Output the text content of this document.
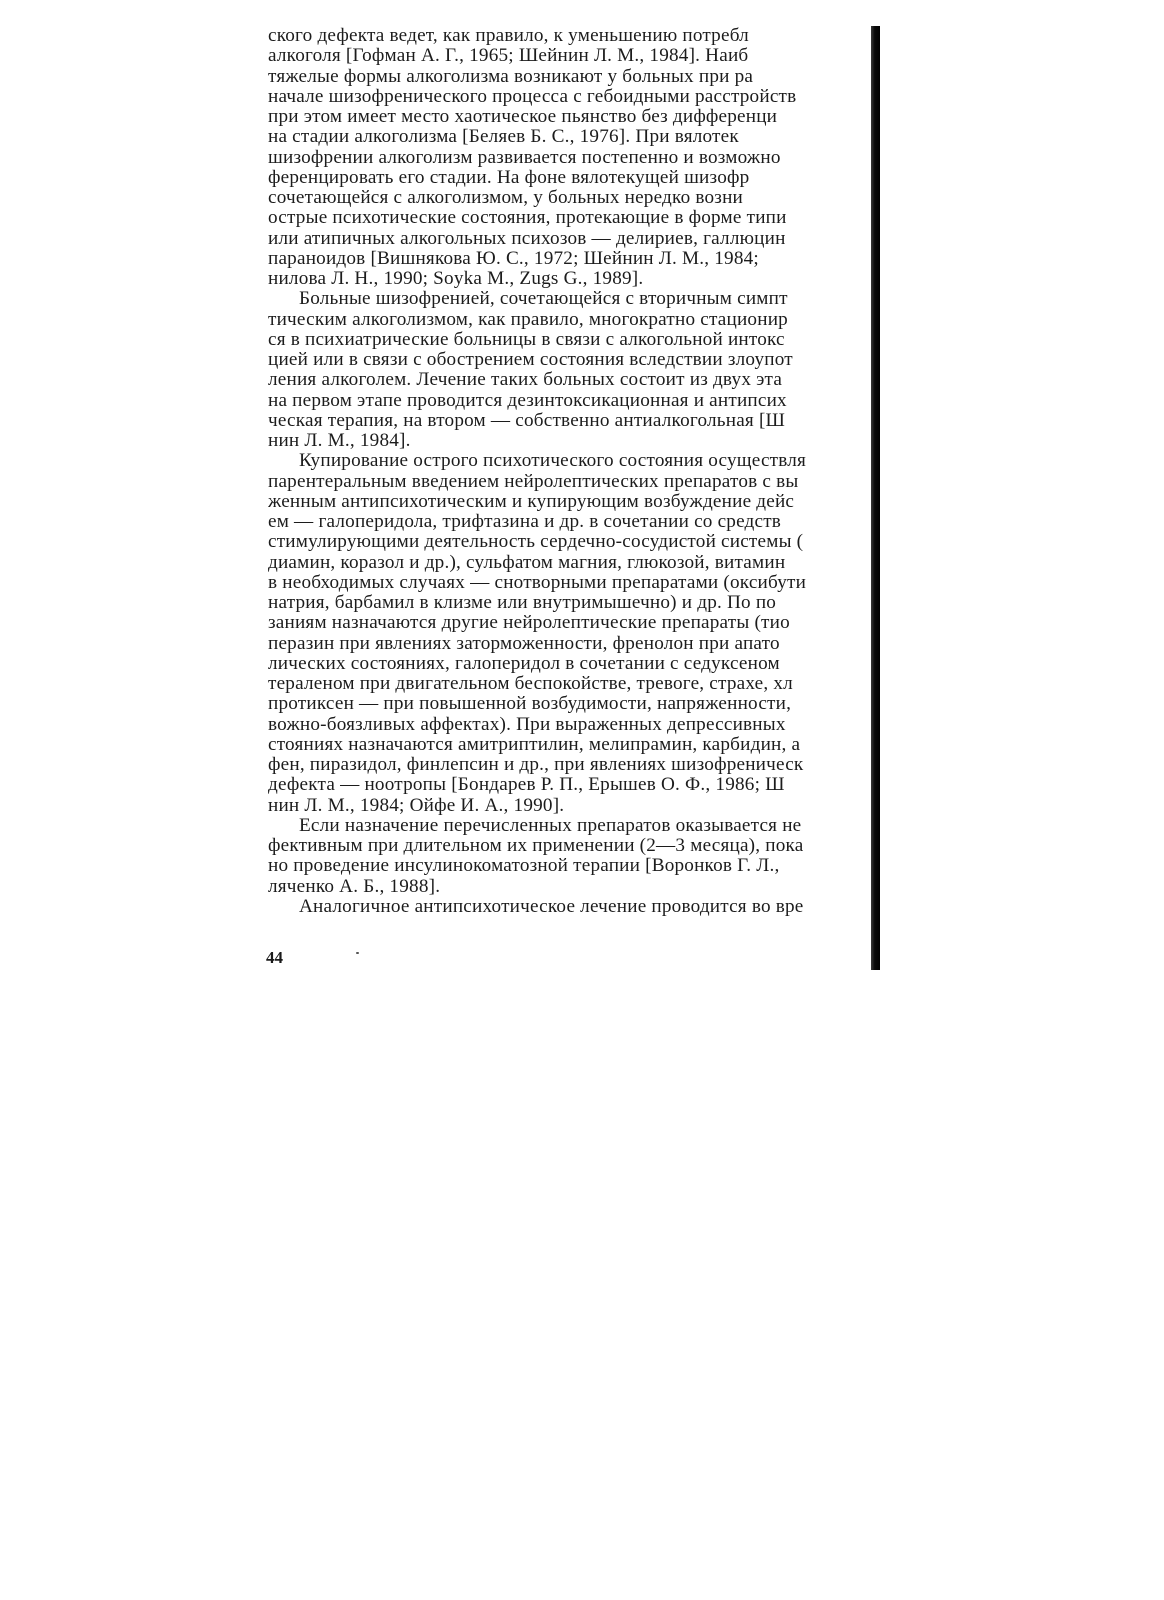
ского дефекта ведет, как правило, к уменьшению потребл
алкоголя [Гофман А. Г., 1965; Шейнин Л. М., 1984]. Наиб
тяжелые формы алкоголизма возникают у больных при ра
начале шизофренического процесса с гебоидными расстройств
при этом имеет место хаотическое пьянство без дифференци
на стадии алкоголизма [Беляев Б. С., 1976]. При вялотек
шизофрении алкоголизм развивается постепенно и возможно
ференцировать его стадии. На фоне вялотекущей шизофр
сочетающейся с алкоголизмом, у больных нередко возни
острые психотические состояния, протекающие в форме типи
или атипичных алкогольных психозов — делириев, галлюцин
параноидов [Вишнякова Ю. С., 1972; Шейнин Л. М., 1984;
нилова Л. Н., 1990; Soyka M., Zugs G., 1989].
Больные шизофренией, сочетающейся с вторичным симпт
тическим алкоголизмом, как правило, многократно стационир
ся в психиатрические больницы в связи с алкогольной интокс
цией или в связи с обострением состояния вследствии злоупот
ления алкоголем. Лечение таких больных состоит из двух эта
на первом этапе проводится дезинтоксикационная и антипсих
ческая терапия, на втором — собственно антиалкогольная [Ш
нин Л. М., 1984].
Купирование острого психотического состояния осуществля
парентеральным введением нейролептических препаратов с вы
женным антипсихотическим и купирующим возбуждение дейс
ем — галоперидола, трифтазина и др. в сочетании со средств
стимулирующими деятельность сердечно-сосудистой системы (
диамин, коразол и др.), сульфатом магния, глюкозой, витамин
в необходимых случаях — снотворными препаратами (оксибути
натрия, барбамил в клизме или внутримышечно) и др. По по
заниям назначаются другие нейролептические препараты (тио
перазин при явлениях заторможенности, френолон при апато
лических состояниях, галоперидол в сочетании с седуксеном
тераленом при двигательном беспокойстве, тревоге, страхе, хл
протиксен — при повышенной возбудимости, напряженности,
вожно-боязливых аффектах). При выраженных депрессивных
стояниях назначаются амитриптилин, мелипрамин, карбидин, а
фен, пиразидол, финлепсин и др., при явлениях шизофреническ
дефекта — ноотропы [Бондарев Р. П., Ерышев О. Ф., 1986; Ш
нин Л. М., 1984; Ойфе И. А., 1990].
Если назначение перечисленных препаратов оказывается не
фективным при длительном их применении (2—3 месяца), пока
но проведение инсулинокоматозной терапии [Воронков Г. Л.,
ляченко А. Б., 1988].
Аналогичное антипсихотическое лечение проводится во вре
44
